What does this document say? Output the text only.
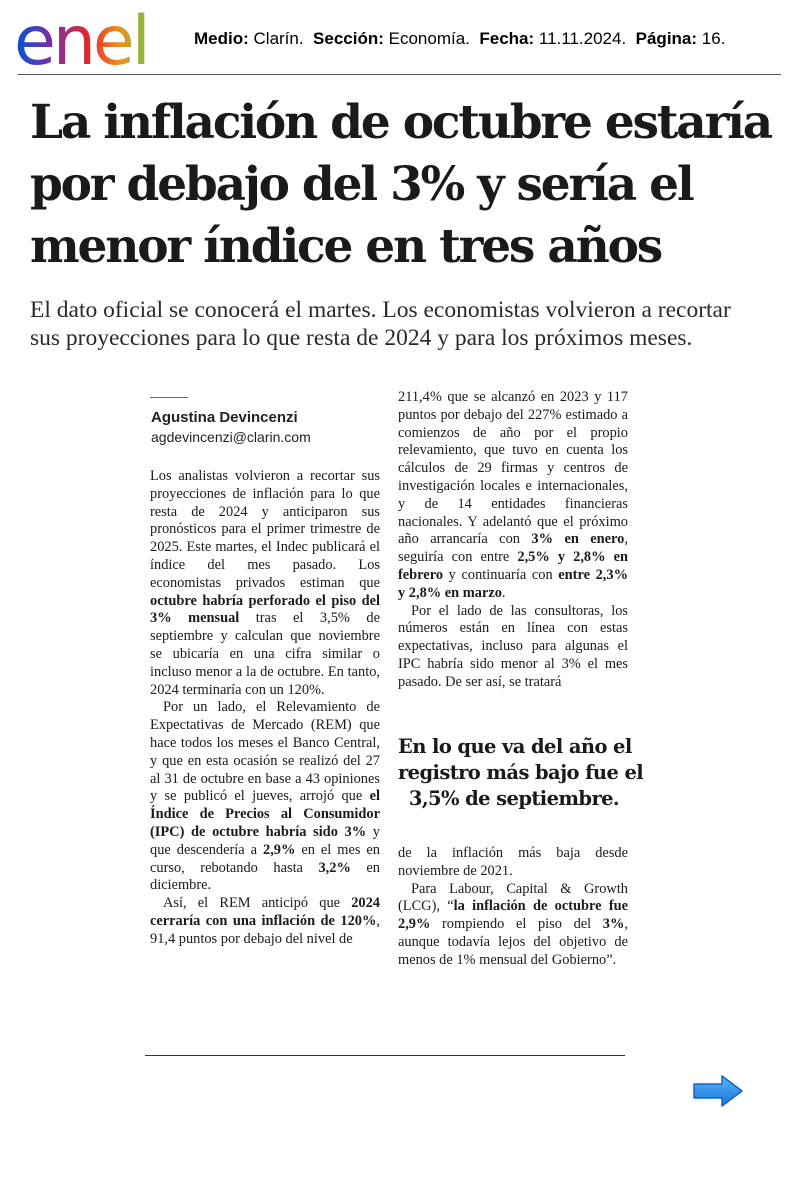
enel	Medio: Clarín. Sección: Economía. Fecha: 11.11.2024. Página: 16.
La inflación de octubre estaría
por debajo del 3% y sería el
menor índice en tres años

El dato oficial se conocerá el martes. Los economistas volvieron a recortar
sus proyecciones para lo que resta de 2024 y para los próximos meses.

Agustina Devincenzi
agdevincenzi@clarin.com

Los analistas volvieron a recortar sus proyecciones de inflación para lo que resta de 2024 y anticiparon sus pronósticos para el primer trimestre de 2025. Este martes, el Indec publicará el índice del mes pasado. Los economistas privados estiman que octubre habría perforado el piso del 3% mensual tras el 3,5% de septiembre y calculan que noviembre se ubicaría en una cifra similar o incluso menor a la de octubre. En tanto, 2024 terminaría con un 120%.

Por un lado, el Relevamiento de Expectativas de Mercado (REM) que hace todos los meses el Banco Central, y que en esta ocasión se realizó del 27 al 31 de octubre en base a 43 opiniones y se publicó el jueves, arrojó que el Índice de Precios al Consumidor (IPC) de octubre habría sido 3% y que descendería a 2,9% en el mes en curso, rebotando hasta 3,2% en diciembre.

Así, el REM anticipó que 2024 cerraría con una inflación de 120%, 91,4 puntos por debajo del nivel de

211,4% que se alcanzó en 2023 y 117 puntos por debajo del 227% estimado a comienzos de año por el propio relevamiento, que tuvo en cuenta los cálculos de 29 firmas y centros de investigación locales e internacionales, y de 14 entidades financieras nacionales. Y adelantó que el próximo año arrancaría con 3% en enero, seguiría con entre 2,5% y 2,8% en febrero y continuaría con entre 2,3% y 2,8% en marzo.

Por el lado de las consultoras, los números están en línea con estas expectativas, incluso para algunas el IPC habría sido menor al 3% el mes pasado. De ser así, se tratará

En lo que va del año el
registro más bajo fue el
3,5% de septiembre.

de la inflación más baja desde noviembre de 2021.

Para Labour, Capital & Growth (LCG), “la inflación de octubre fue 2,9% rompiendo el piso del 3%, aunque todavía lejos del objetivo de menos de 1% mensual del Gobierno”.
